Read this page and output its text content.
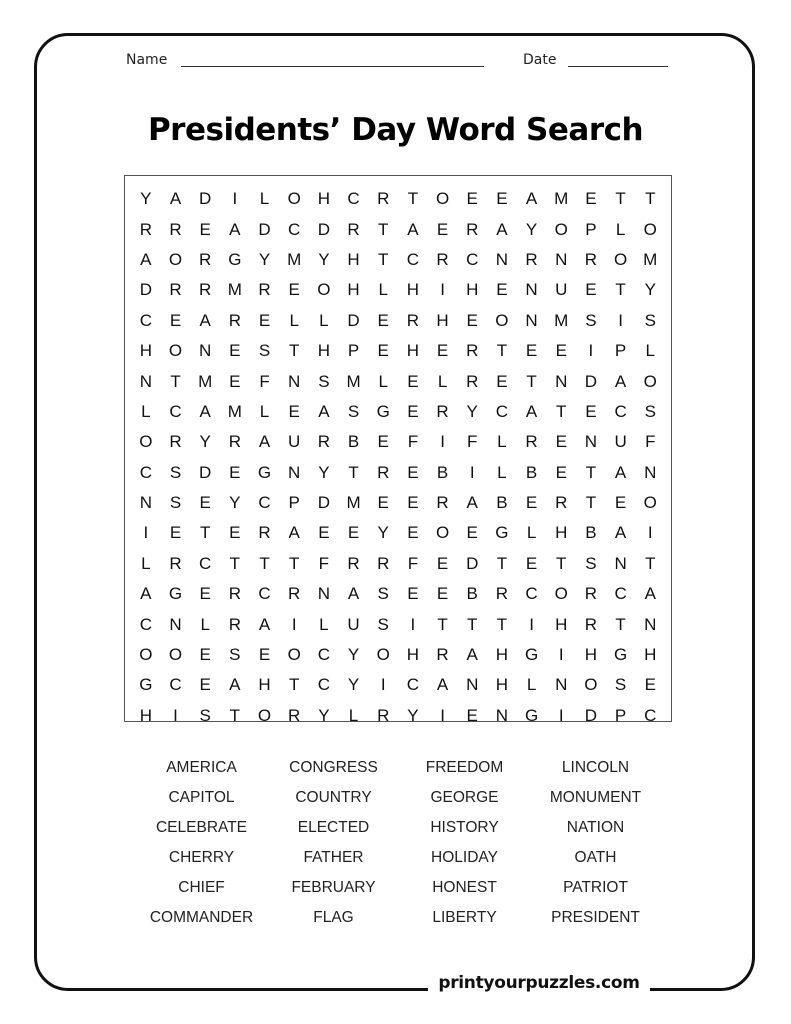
printyourpuzzles.com
Name	Date
Presidents’ Day Word Search
Y	A	D	I	L	O H	C	R	T	O	E	E	A M E	T	T
R	R	E	A	D	C	D	R	T	A	E	R	A	Y	O	P	L	O
A	O R G	Y M Y	H	T	C	R	C	N	R	N	R O M
D	R	R M R	E	O H	L	H	I	H	E	N	U	E	T	Y
C	E	A	R	E	L	L	D	E	R	H	E	O N M S	I	S
H O N	E	S	T	H	P	E	H	E	R	T	E	E	I	P	L
N	T	M E	F	N	S M	L	E	L	R	E	T	N	D	A	O
L	C	A M	L	E	A	S	G	E	R	Y	C	A	T	E	C	S
O R	Y	R	A	U	R	B	E	F	I	F	L	R	E	N	U	F
C	S	D	E	G N	Y	T	R	E	B	I	L	B	E	T	A	N
N	S	E	Y	C	P	D M E	E	R	A	B	E	R	T	E	O
I	E	T	E	R	A	E	E	Y	E	O	E	G	L	H	B	A	I
L	R	C	T	T	T	F	R	R	F	E	D	T	E	T	S	N	T
A	G	E	R	C	R	N	A	S	E	E	B	R	C O R	C	A
C	N	L	R	A	I	L	U	S	I	T	T	T	I	H	R	T	N
O O	E	S	E	O C	Y	O H	R	A	H G	I	H G H
G C	E	A	H	T	C	Y	I	C	A	N	H	L	N O	S	E
H	I	S	T	O R	Y	L	R	Y	I	E	N G	I	D	P	C
AMERICA	CONGRESS	FREEDOM	LINCOLN
CAPITOL	COUNTRY	GEORGE	MONUMENT
CELEBRATE	ELECTED	HISTORY	NATION
CHERRY	FATHER	HOLIDAY	OATH
CHIEF	FEBRUARY	HONEST	PATRIOT
COMMANDER	FLAG	LIBERTY	PRESIDENT
